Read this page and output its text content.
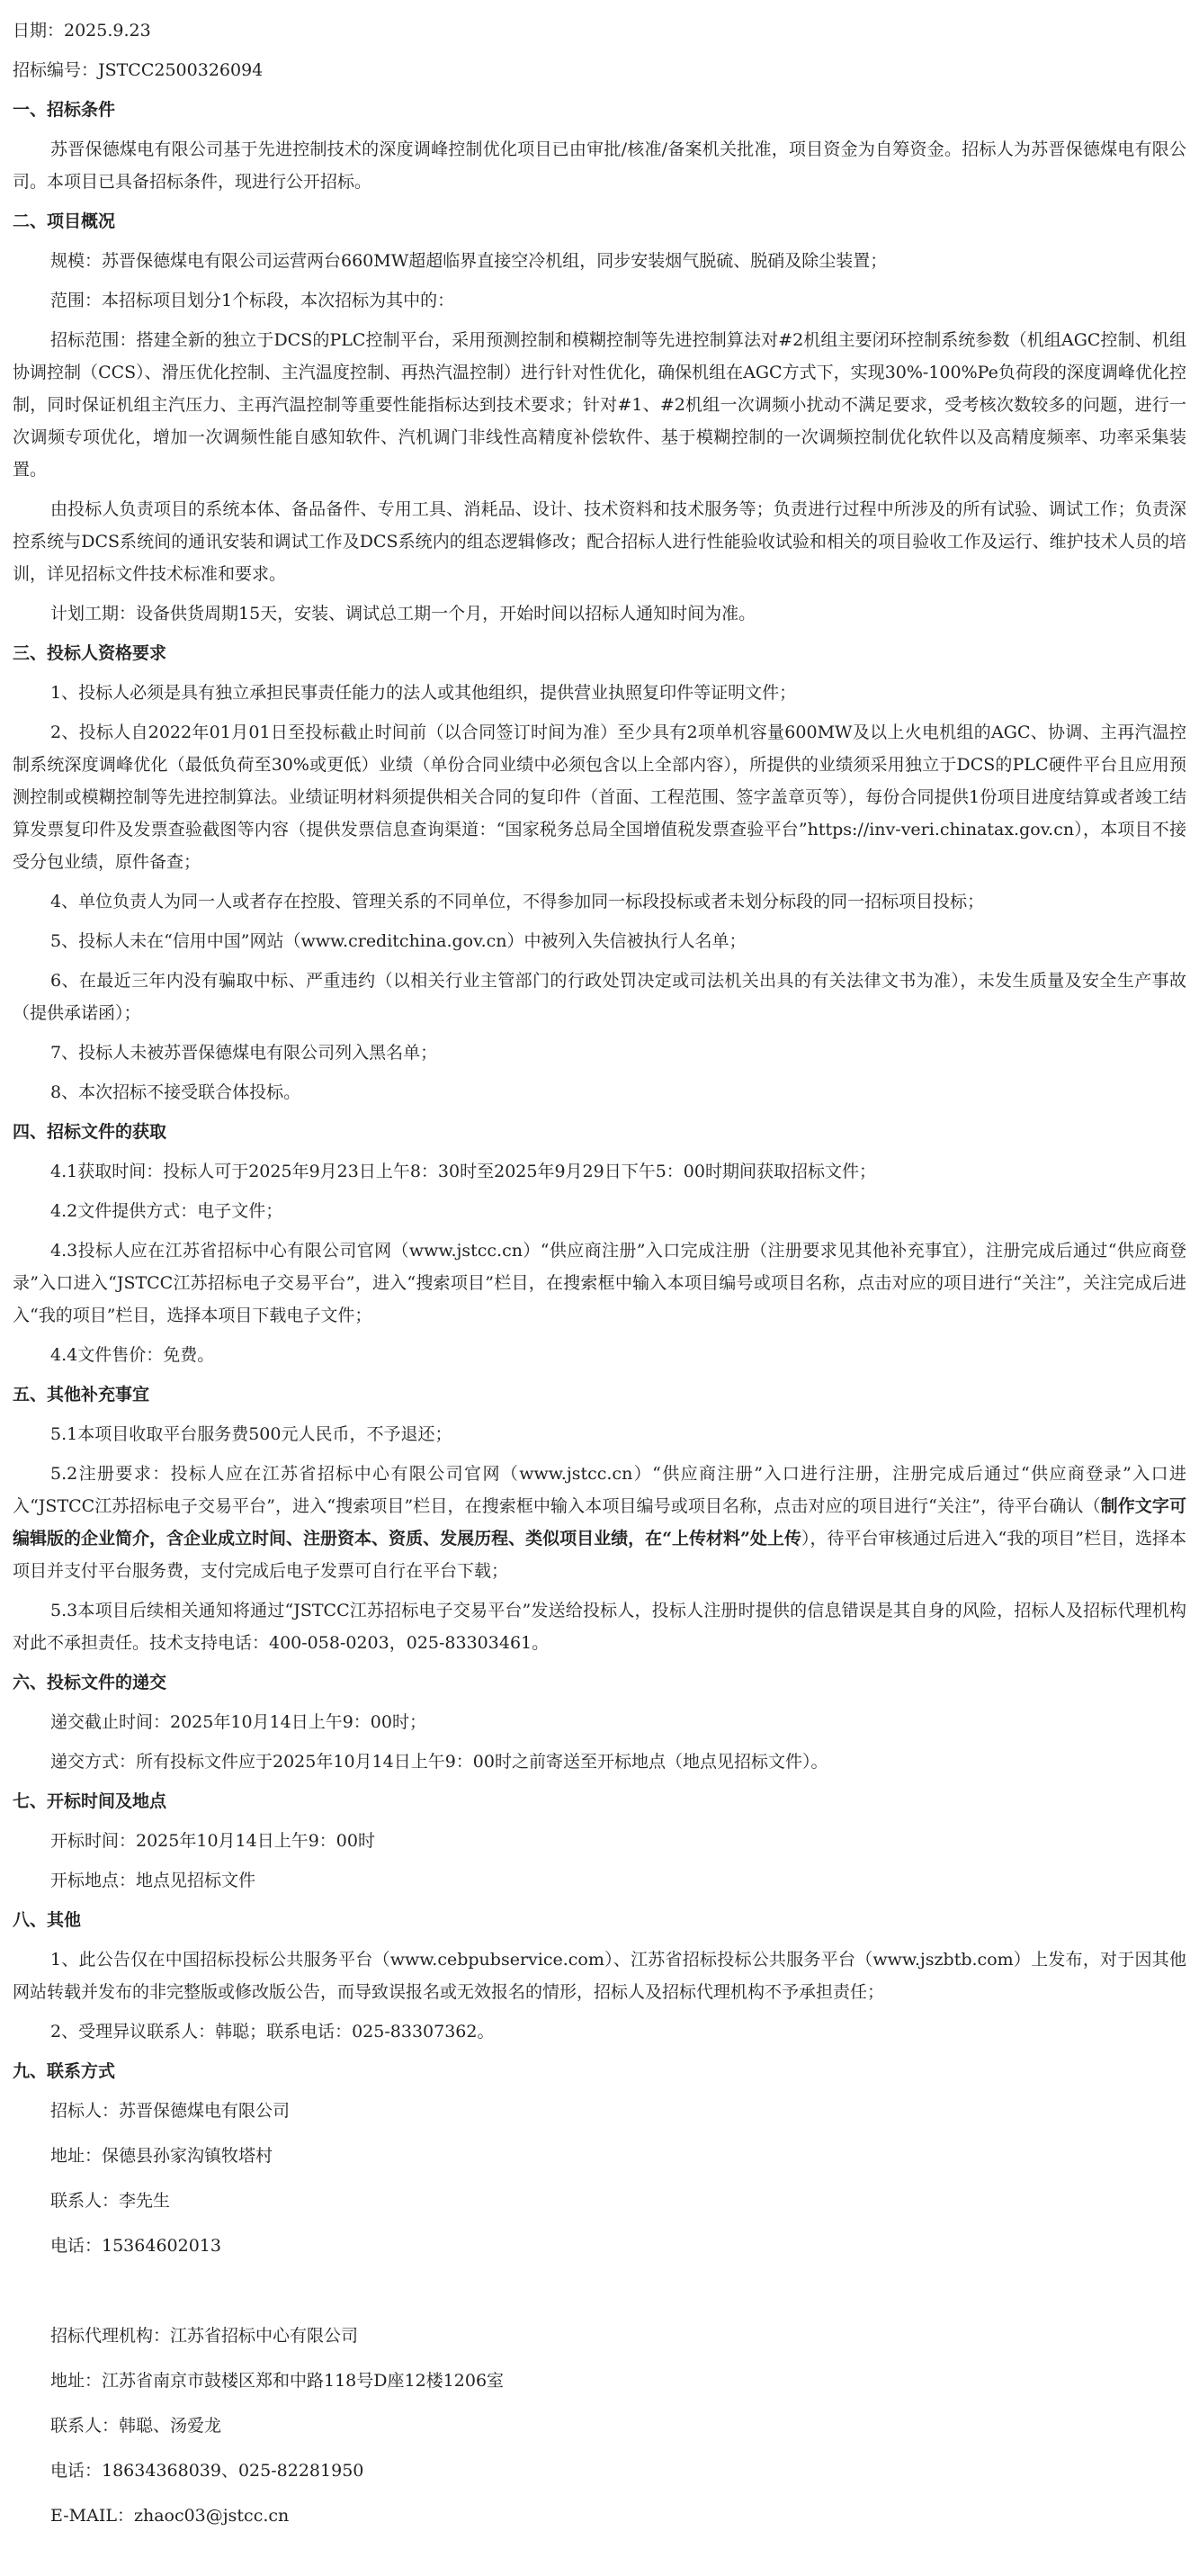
日期：2025.9.23
招标编号：JSTCC2500326094
一、招标条件

苏晋保德煤电有限公司基于先进控制技术的深度调峰控制优化项目已由审批/核准/备案机关批准，项目资金为自筹资金。招标人为苏晋保德煤电有限公司。本项目已具备招标条件，现进行公开招标。

二、项目概况

规模：苏晋保德煤电有限公司运营两台660MW超超临界直接空冷机组，同步安装烟气脱硫、脱硝及除尘装置；

范围：本招标项目划分1个标段，本次招标为其中的：

招标范围：搭建全新的独立于DCS的PLC控制平台，采用预测控制和模糊控制等先进控制算法对#2机组主要闭环控制系统参数（机组AGC控制、机组协调控制（CCS）、滑压优化控制、主汽温度控制、再热汽温控制）进行针对性优化，确保机组在AGC方式下，实现30%-100%Pe负荷段的深度调峰优化控制，同时保证机组主汽压力、主再汽温控制等重要性能指标达到技术要求；针对#1、#2机组一次调频小扰动不满足要求，受考核次数较多的问题，进行一次调频专项优化，增加一次调频性能自感知软件、汽机调门非线性高精度补偿软件、基于模糊控制的一次调频控制优化软件以及高精度频率、功率采集装置。

由投标人负责项目的系统本体、备品备件、专用工具、消耗品、设计、技术资料和技术服务等；负责进行过程中所涉及的所有试验、调试工作；负责深控系统与DCS系统间的通讯安装和调试工作及DCS系统内的组态逻辑修改；配合招标人进行性能验收试验和相关的项目验收工作及运行、维护技术人员的培训，详见招标文件技术标准和要求。

计划工期：设备供货周期15天，安装、调试总工期一个月，开始时间以招标人通知时间为准。

三、投标人资格要求

1、投标人必须是具有独立承担民事责任能力的法人或其他组织，提供营业执照复印件等证明文件；

2、投标人自2022年01月01日至投标截止时间前（以合同签订时间为准）至少具有2项单机容量600MW及以上火电机组的AGC、协调、主再汽温控制系统深度调峰优化（最低负荷至30%或更低）业绩（单份合同业绩中必须包含以上全部内容），所提供的业绩须采用独立于DCS的PLC硬件平台且应用预测控制或模糊控制等先进控制算法。业绩证明材料须提供相关合同的复印件（首面、工程范围、签字盖章页等），每份合同提供1份项目进度结算或者竣工结算发票复印件及发票查验截图等内容（提供发票信息查询渠道：“国家税务总局全国增值税发票查验平台”https://inv-veri.chinatax.gov.cn），本项目不接受分包业绩，原件备查；

4、单位负责人为同一人或者存在控股、管理关系的不同单位，不得参加同一标段投标或者未划分标段的同一招标项目投标；

5、投标人未在“信用中国”网站（www.creditchina.gov.cn）中被列入失信被执行人名单；

6、在最近三年内没有骗取中标、严重违约（以相关行业主管部门的行政处罚决定或司法机关出具的有关法律文书为准），未发生质量及安全生产事故（提供承诺函）；

7、投标人未被苏晋保德煤电有限公司列入黑名单；

8、本次招标不接受联合体投标。

四、招标文件的获取

4.1获取时间：投标人可于2025年9月23日上午8：30时至2025年9月29日下午5：00时期间获取招标文件；

4.2文件提供方式：电子文件；

4.3投标人应在江苏省招标中心有限公司官网（www.jstcc.cn）“供应商注册”入口完成注册（注册要求见其他补充事宜），注册完成后通过“供应商登录”入口进入“JSTCC江苏招标电子交易平台”，进入“搜索项目”栏目，在搜索框中输入本项目编号或项目名称，点击对应的项目进行“关注”，关注完成后进入“我的项目”栏目，选择本项目下载电子文件；

4.4文件售价：免费。

五、其他补充事宜

5.1本项目收取平台服务费500元人民币，不予退还；

5.2注册要求：投标人应在江苏省招标中心有限公司官网（www.jstcc.cn）“供应商注册”入口进行注册，注册完成后通过“供应商登录”入口进入“JSTCC江苏招标电子交易平台”，进入“搜索项目”栏目，在搜索框中输入本项目编号或项目名称，点击对应的项目进行“关注”，待平台确认（制作文字可编辑版的企业简介，含企业成立时间、注册资本、资质、发展历程、类似项目业绩，在“上传材料”处上传），待平台审核通过后进入“我的项目”栏目，选择本项目并支付平台服务费，支付完成后电子发票可自行在平台下载；

5.3本项目后续相关通知将通过“JSTCC江苏招标电子交易平台”发送给投标人，投标人注册时提供的信息错误是其自身的风险，招标人及招标代理机构对此不承担责任。技术支持电话：400-058-0203，025-83303461。

六、投标文件的递交

递交截止时间：2025年10月14日上午9：00时；

递交方式：所有投标文件应于2025年10月14日上午9：00时之前寄送至开标地点（地点见招标文件）。

七、开标时间及地点

开标时间：2025年10月14日上午9：00时

开标地点：地点见招标文件

八、其他

1、此公告仅在中国招标投标公共服务平台（www.cebpubservice.com）、江苏省招标投标公共服务平台（www.jszbtb.com）上发布，对于因其他网站转载并发布的非完整版或修改版公告，而导致误报名或无效报名的情形，招标人及招标代理机构不予承担责任；

2、受理异议联系人：韩聪；联系电话：025-83307362。

九、联系方式
招标人：苏晋保德煤电有限公司
地址：保德县孙家沟镇牧塔村
联系人：李先生
电话：15364602013
招标代理机构：江苏省招标中心有限公司
地址：江苏省南京市鼓楼区郑和中路118号D座12楼1206室
联系人：韩聪、汤爱龙
电话：18634368039、025-82281950
E-MAIL：zhaoc03@jstcc.cn
